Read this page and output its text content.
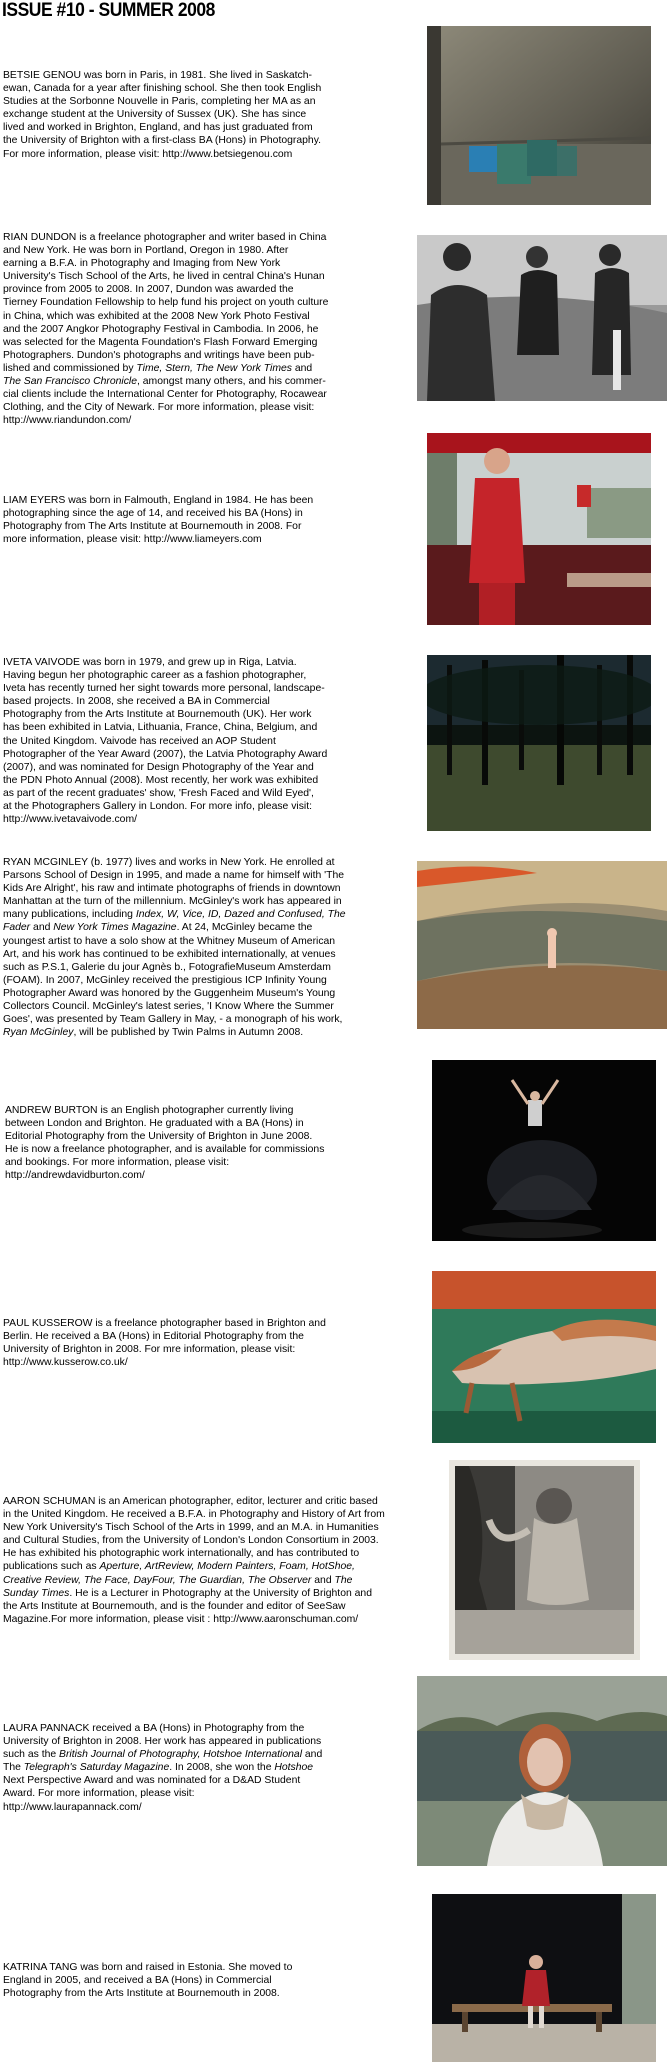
ISSUE #10 - SUMMER 2008
BETSIE GENOU was born in Paris, in 1981. She lived in Saskatch-
ewan, Canada for a year after finishing school. She then took English
Studies at the Sorbonne Nouvelle in Paris, completing her MA as an
exchange student at the University of Sussex (UK). She has since
lived and worked in Brighton, England, and has just graduated from
the University of Brighton with a first-class BA (Hons) in Photography.
For more information, please visit: http://www.betsiegenou.com
RIAN DUNDON is a freelance photographer and writer based in China
and New York. He was born in Portland, Oregon in 1980. After
earning a B.F.A. in Photography and Imaging from New York
University's Tisch School of the Arts, he lived in central China's Hunan
province from 2005 to 2008. In 2007, Dundon was awarded the
Tierney Foundation Fellowship to help fund his project on youth culture
in China, which was exhibited at the 2008 New York Photo Festival
and the 2007 Angkor Photography Festival in Cambodia. In 2006, he
was selected for the Magenta Foundation's Flash Forward Emerging
Photographers. Dundon's photographs and writings have been pub-
lished and commissioned by Time, Stern, The New York Times and
The San Francisco Chronicle, amongst many others, and his commer-
cial clients include the International Center for Photography, Rocawear
Clothing, and the City of Newark. For more information, please visit:
http://www.riandundon.com/
LIAM EYERS was born in Falmouth, England in 1984. He has been
photographing since the age of 14, and received his BA (Hons) in
Photography from The Arts Institute at Bournemouth in 2008. For
more information, please visit: http://www.liameyers.com
IVETA VAIVODE was born in 1979, and grew up in Riga, Latvia.
Having begun her photographic career as a fashion photographer,
Iveta has recently turned her sight towards more personal, landscape-
based projects. In 2008, she received a BA in Commercial
Photography from the Arts Institute at Bournemouth (UK). Her work
has been exhibited in Latvia, Lithuania, France, China, Belgium, and
the United Kingdom. Vaivode has received an AOP Student
Photographer of the Year Award (2007), the Latvia Photography Award
(2007), and was nominated for Design Photography of the Year and
the PDN Photo Annual (2008). Most recently, her work was exhibited
as part of the recent graduates' show, 'Fresh Faced and Wild Eyed',
at the Photographers Gallery in London. For more info, please visit:
http://www.ivetavaivode.com/
RYAN MCGINLEY (b. 1977) lives and works in New York. He enrolled at
Parsons School of Design in 1995, and made a name for himself with 'The
Kids Are Alright', his raw and intimate photographs of friends in downtown
Manhattan at the turn of the millennium. McGinley's work has appeared in
many publications, including Index, W, Vice, ID, Dazed and Confused, The
Fader and New York Times Magazine. At 24, McGinley became the
youngest artist to have a solo show at the Whitney Museum of American
Art, and his work has continued to be exhibited internationally, at venues
such as P.S.1, Galerie du jour Agnès b., FotografieMuseum Amsterdam
(FOAM). In 2007, McGinley received the prestigious ICP Infinity Young
Photographer Award was honored by the Guggenheim Museum's Young
Collectors Council. McGinley's latest series, 'I Know Where the Summer
Goes', was presented by Team Gallery in May, - a monograph of his work,
Ryan McGinley, will be published by Twin Palms in Autumn 2008.
ANDREW BURTON is an English photographer currently living
between London and Brighton. He graduated with a BA (Hons) in
Editorial Photography from the University of Brighton in June 2008.
He is now a freelance photographer, and is available for commissions
and bookings. For more information, please visit:
http://andrewdavidburton.com/
PAUL KUSSEROW is a freelance photographer based in Brighton and
Berlin. He received a BA (Hons) in Editorial Photography from the
University of Brighton in 2008. For mre information, please visit:
http://www.kusserow.co.uk/
AARON SCHUMAN is an American photographer, editor, lecturer and critic based
in the United Kingdom. He received a B.F.A. in Photography and History of Art from
New York University's Tisch School of the Arts in 1999, and an M.A. in Humanities
and Cultural Studies, from the University of London's London Consortium in 2003.
He has exhibited his photographic work internationally, and has contributed to
publications such as Aperture, ArtReview, Modern Painters, Foam, HotShoe,
Creative Review, The Face, DayFour, The Guardian, The Observer and The
Sunday Times. He is a Lecturer in Photography at the University of Brighton and
the Arts Institute at Bournemouth, and is the founder and editor of SeeSaw
Magazine.For more information, please visit : http://www.aaronschuman.com/
LAURA PANNACK received a BA (Hons) in Photography from the
University of Brighton in 2008. Her work has appeared in publications
such as the British Journal of Photography, Hotshoe International and
The Telegraph's Saturday Magazine. In 2008, she won the Hotshoe
Next Perspective Award and was nominated for a D&AD Student
Award. For more information, please visit:
http://www.laurapannack.com/
KATRINA TANG was born and raised in Estonia. She moved to
England in 2005, and received a BA (Hons) in Commercial
Photography from the Arts Institute at Bournemouth in 2008.
